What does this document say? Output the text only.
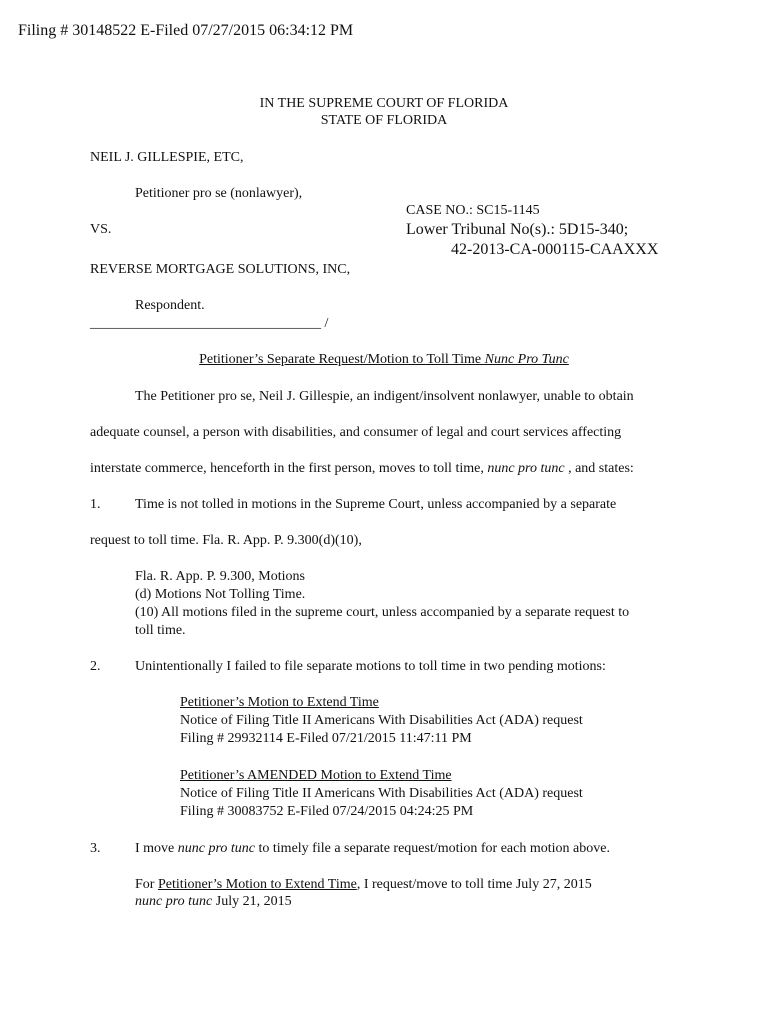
Filing # 30148522 E-Filed 07/27/2015 06:34:12 PM
IN THE SUPREME COURT OF FLORIDA
STATE OF FLORIDA
NEIL J. GILLESPIE, ETC,
Petitioner pro se (nonlawyer),
CASE NO.: SC15-1145
VS.	Lower Tribunal No(s).: 5D15-340;
42-2013-CA-000115-CAAXXX
REVERSE MORTGAGE SOLUTIONS, INC,
Respondent.
_________________________________ /
Petitioner’s Separate Request/Motion to Toll Time Nunc Pro Tunc
The Petitioner pro se, Neil J. Gillespie, an indigent/insolvent nonlawyer, unable to obtain
adequate counsel, a person with disabilities, and consumer of legal and court services affecting
interstate commerce, henceforth in the first person, moves to toll time, nunc pro tunc , and states:
1. Time is not tolled in motions in the Supreme Court, unless accompanied by a separate
request to toll time. Fla. R. App. P. 9.300(d)(10),
Fla. R. App. P. 9.300, Motions
(d) Motions Not Tolling Time.
(10) All motions filed in the supreme court, unless accompanied by a separate request to
toll time.
2. Unintentionally I failed to file separate motions to toll time in two pending motions:
Petitioner’s Motion to Extend Time
Notice of Filing Title II Americans With Disabilities Act (ADA) request
Filing # 29932114 E-Filed 07/21/2015 11:47:11 PM
Petitioner’s AMENDED Motion to Extend Time
Notice of Filing Title II Americans With Disabilities Act (ADA) request
Filing # 30083752 E-Filed 07/24/2015 04:24:25 PM
3. I move nunc pro tunc to timely file a separate request/motion for each motion above.
For Petitioner’s Motion to Extend Time, I request/move to toll time July 27, 2015
nunc pro tunc July 21, 2015
